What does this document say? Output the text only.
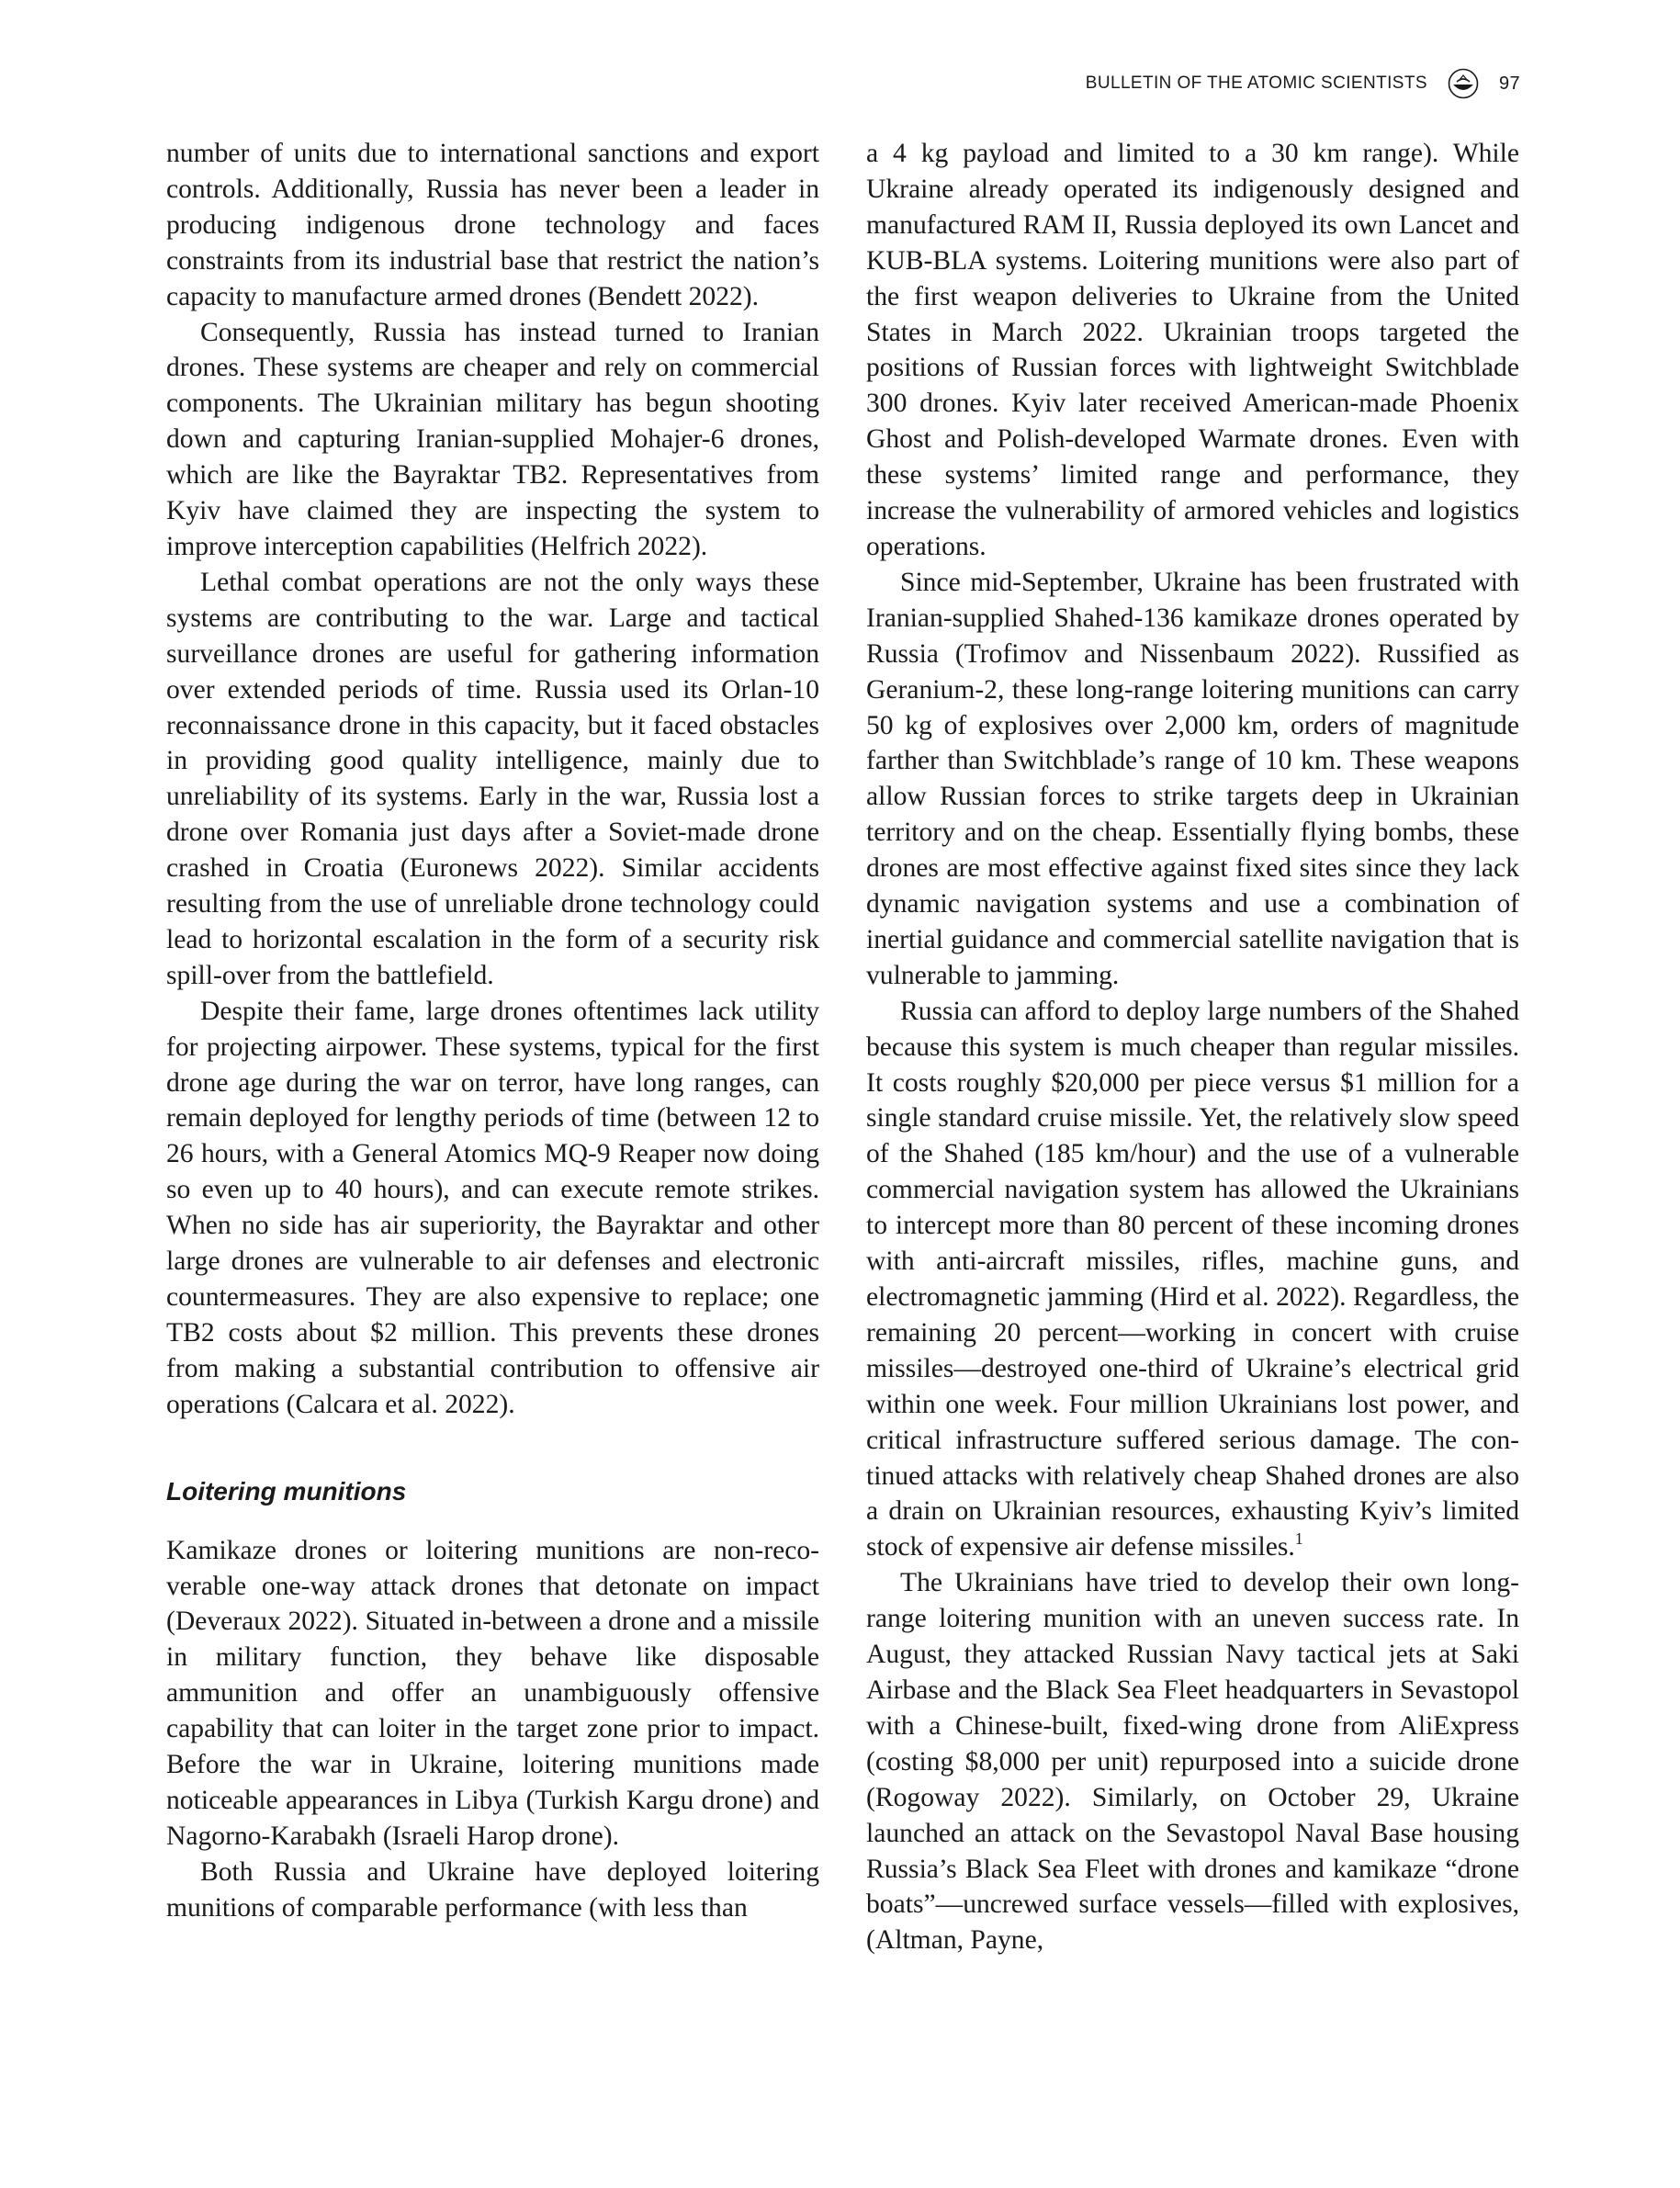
BULLETIN OF THE ATOMIC SCIENTISTS	97

number of units due to international sanctions and export controls. Additionally, Russia has never been a leader in producing indigenous drone technology and faces constraints from its industrial base that restrict the nation’s capacity to manufacture armed drones (Bendett 2022).

Consequently, Russia has instead turned to Iranian drones. These systems are cheaper and rely on commercial components. The Ukrainian military has begun shooting down and capturing Iranian-supplied Mohajer-6 drones, which are like the Bayraktar TB2. Representatives from Kyiv have claimed they are inspecting the system to improve interception capabilities (Helfrich 2022).

Lethal combat operations are not the only ways these systems are contributing to the war. Large and tactical surveillance drones are useful for gathering information over extended periods of time. Russia used its Orlan-10 reconnaissance drone in this capacity, but it faced obstacles in providing good quality intelligence, mainly due to unreliability of its systems. Early in the war, Russia lost a drone over Romania just days after a Soviet-made drone crashed in Croatia (Euronews 2022). Similar accidents resulting from the use of unreliable drone technology could lead to horizontal escalation in the form of a security risk spill-over from the battlefield.

Despite their fame, large drones oftentimes lack utility for projecting airpower. These systems, typical for the first drone age during the war on terror, have long ranges, can remain deployed for lengthy periods of time (between 12 to 26 hours, with a General Atomics MQ-9 Reaper now doing so even up to 40 hours), and can execute remote strikes. When no side has air superiority, the Bayraktar and other large drones are vulnerable to air defenses and electronic countermeasures. They are also expensive to replace; one TB2 costs about $2 million. This prevents these drones from making a substantial contribution to offensive air operations (Calcara et al. 2022).

Loitering munitions

Kamikaze drones or loitering munitions are non-recoverable one-way attack drones that detonate on impact (Deveraux 2022). Situated in-between a drone and a missile in military function, they behave like disposable ammunition and offer an unambiguously offensive capability that can loiter in the target zone prior to impact. Before the war in Ukraine, loitering munitions made noticeable appearances in Libya (Turkish Kargu drone) and Nagorno-Karabakh (Israeli Harop drone).

Both Russia and Ukraine have deployed loitering munitions of comparable performance (with less than

a 4 kg payload and limited to a 30 km range). While Ukraine already operated its indigenously designed and manufactured RAM II, Russia deployed its own Lancet and KUB-BLA systems. Loitering munitions were also part of the first weapon deliveries to Ukraine from the United States in March 2022. Ukrainian troops targeted the positions of Russian forces with lightweight Switchblade 300 drones. Kyiv later received American-made Phoenix Ghost and Polish-developed Warmate drones. Even with these systems’ limited range and performance, they increase the vulnerability of armored vehicles and logistics operations.

Since mid-September, Ukraine has been frustrated with Iranian-supplied Shahed-136 kamikaze drones operated by Russia (Trofimov and Nissenbaum 2022). Russified as Geranium-2, these long-range loitering munitions can carry 50 kg of explosives over 2,000 km, orders of magnitude farther than Switchblade’s range of 10 km. These weapons allow Russian forces to strike targets deep in Ukrainian territory and on the cheap. Essentially flying bombs, these drones are most effective against fixed sites since they lack dynamic navigation systems and use a combination of inertial guidance and commercial satellite navigation that is vulnerable to jamming.

Russia can afford to deploy large numbers of the Shahed because this system is much cheaper than regular missiles. It costs roughly $20,000 per piece versus $1 million for a single standard cruise missile. Yet, the relatively slow speed of the Shahed (185 km/hour) and the use of a vulnerable commercial navigation system has allowed the Ukrainians to intercept more than 80 percent of these incoming drones with anti-aircraft missiles, rifles, machine guns, and electromagnetic jamming (Hird et al. 2022). Regardless, the remaining 20 percent—working in concert with cruise missiles—destroyed one-third of Ukraine’s electrical grid within one week. Four million Ukrainians lost power, and critical infrastructure suffered serious damage. The continued attacks with relatively cheap Shahed drones are also a drain on Ukrainian resources, exhausting Kyiv’s limited stock of expensive air defense missiles.$^1$

The Ukrainians have tried to develop their own long-range loitering munition with an uneven success rate. In August, they attacked Russian Navy tactical jets at Saki Airbase and the Black Sea Fleet headquarters in Sevastopol with a Chinese-built, fixed-wing drone from AliExpress (costing $8,000 per unit) repurposed into a suicide drone (Rogoway 2022). Similarly, on October 29, Ukraine launched an attack on the Sevastopol Naval Base housing Russia’s Black Sea Fleet with drones and kamikaze “drone boats”—uncrewed surface vessels—filled with explosives, (Altman, Payne,
